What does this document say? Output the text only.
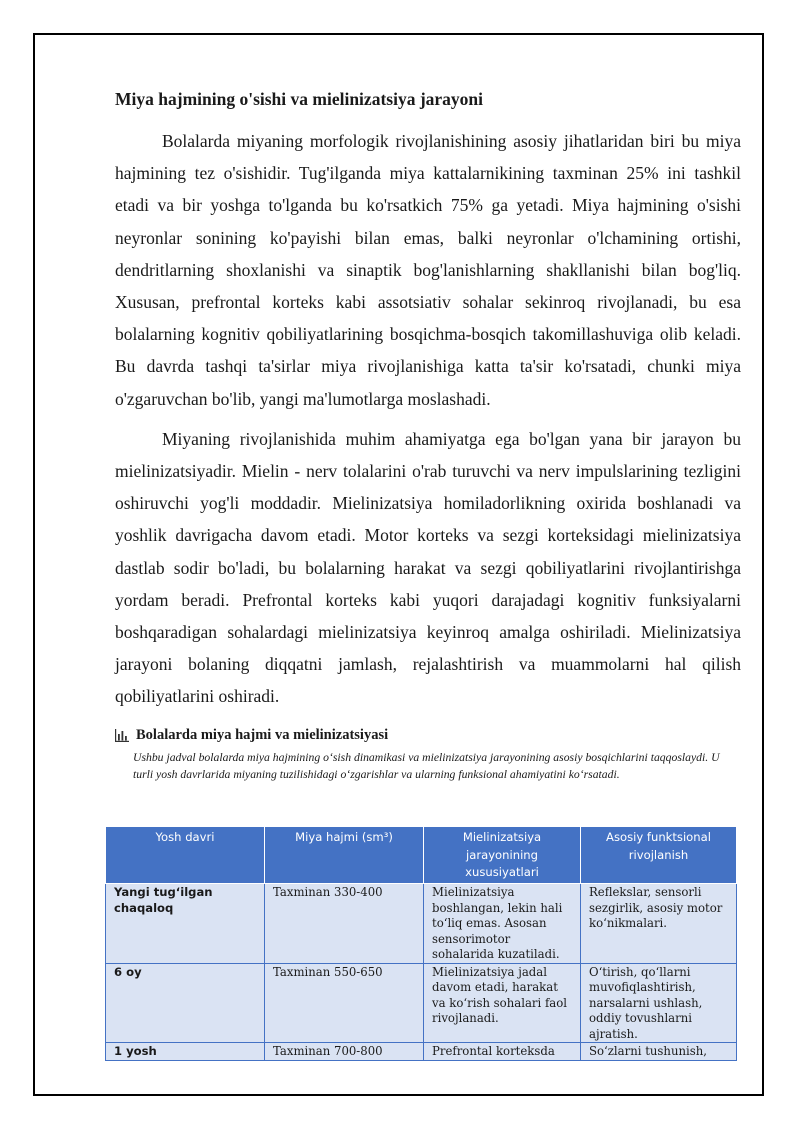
Miya hajmining o'sishi va mielinizatsiya jarayoni

Bolalarda miyaning morfologik rivojlanishining asosiy jihatlaridan biri bu miya hajmining tez o'sishidir. Tug'ilganda miya kattalarnikining taxminan 25% ini tashkil etadi va bir yoshga to'lganda bu ko'rsatkich 75% ga yetadi. Miya hajmining o'sishi neyronlar sonining ko'payishi bilan emas, balki neyronlar o'lchamining ortishi, dendritlarning shoxlanishi va sinaptik bog'lanishlarning shakllanishi bilan bog'liq. Xususan, prefrontal korteks kabi assotsiativ sohalar sekinroq rivojlanadi, bu esa bolalarning kognitiv qobiliyatlarining bosqichma-bosqich takomillashuviga olib keladi. Bu davrda tashqi ta'sirlar miya rivojlanishiga katta ta'sir ko'rsatadi, chunki miya o'zgaruvchan bo'lib, yangi ma'lumotlarga moslashadi.

Miyaning rivojlanishida muhim ahamiyatga ega bo'lgan yana bir jarayon bu mielinizatsiyadir. Mielin - nerv tolalarini o'rab turuvchi va nerv impulslarining tezligini oshiruvchi yog'li moddadir. Mielinizatsiya homiladorlikning oxirida boshlanadi va yoshlik davrigacha davom etadi. Motor korteks va sezgi korteksidagi mielinizatsiya dastlab sodir bo'ladi, bu bolalarning harakat va sezgi qobiliyatlarini rivojlantirishga yordam beradi. Prefrontal korteks kabi yuqori darajadagi kognitiv funksiyalarni boshqaradigan sohalardagi mielinizatsiya keyinroq amalga oshiriladi. Mielinizatsiya jarayoni bolaning diqqatni jamlash, rejalashtirish va muammolarni hal qilish qobiliyatlarini oshiradi.

Bolalarda miya hajmi va mielinizatsiyasi
Ushbu jadval bolalarda miya hajmining o‘sish dinamikasi va mielinizatsiya jarayonining asosiy bosqichlarini taqqoslaydi. U turli yosh davrlarida miyaning tuzilishidagi o‘zgarishlar va ularning funksional ahamiyatini ko‘rsatadi.
Yosh davri	Miya hajmi (sm³)	Mielinizatsiya jarayonining xususiyatlari	Asosiy funktsional rivojlanish
Yangi tug‘ilgan chaqaloq	Taxminan 330-400	Mielinizatsiya boshlangan, lekin hali to‘liq emas. Asosan sensorimotor sohalarida kuzatiladi.	Reflekslar, sensorli sezgirlik, asosiy motor ko‘nikmalari.
6 oy	Taxminan 550-650	Mielinizatsiya jadal davom etadi, harakat va ko‘rish sohalari faol rivojlanadi.	O‘tirish, qo‘llarni muvofiqlashtirish, narsalarni ushlash, oddiy tovushlarni ajratish.

1 yosh	Taxminan 700-800	Prefrontal korteksda	So‘zlarni tushunish,
